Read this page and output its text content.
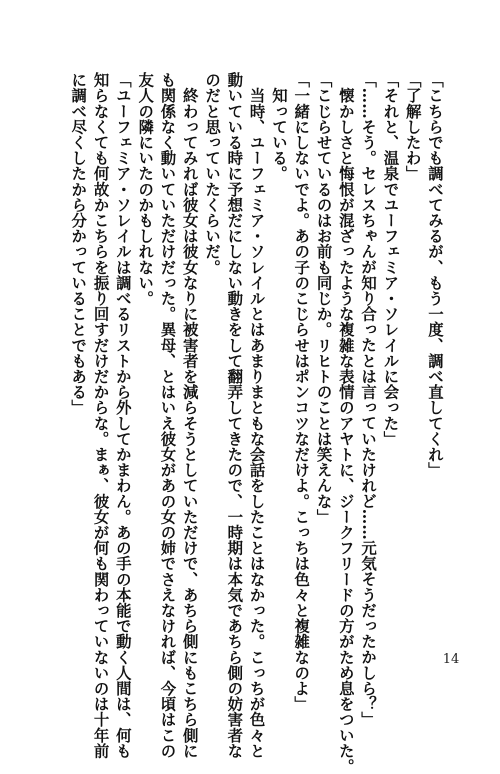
「こちらでも調べてみるが、もう一度、調べ直してくれ」
「了解したわ」
「それと、温泉でユーフェミア・ソレイルに会った」
「……そう。セレスちゃんが知り合ったとは言っていたけれど……元気そうだったかしら？」
　懐かしさと悔恨が混ざったような複雑な表情のアヤトに、ジークフリードの方がため息をついた。
「こじらせているのはお前も同じか。リヒトのことは笑えんな」
「一緒にしないでよ。あの子のこじらせはポンコツなだけよ。こっちは色々と複雑なのよ」
　知っている。
　当時、ユーフェミア・ソレイルとはあまりまともな会話をしたことはなかった。こっちが色々と
動いている時に予想だにしない動きをして翻弄してきたので、一時期は本気であちら側の妨害者な
のだと思っていたくらいだ。
　終わってみれば彼女は彼女なりに被害者を減らそうとしていただけで、あちら側にもこちら側に
も関係なく動いていただけだった。異母、とはいえ彼女があの女の姉でさえなければ、今頃はこの
友人の隣にいたのかもしれない。
「ユーフェミア・ソレイルは調べるリストから外してかまわん。あの手の本能で動く人間は、何も
知らなくても何故かこちらを振り回すだけだからな。まぁ、彼女が何も関わっていないのは十年前
に調べ尽くしたから分かっていることでもある」
14
